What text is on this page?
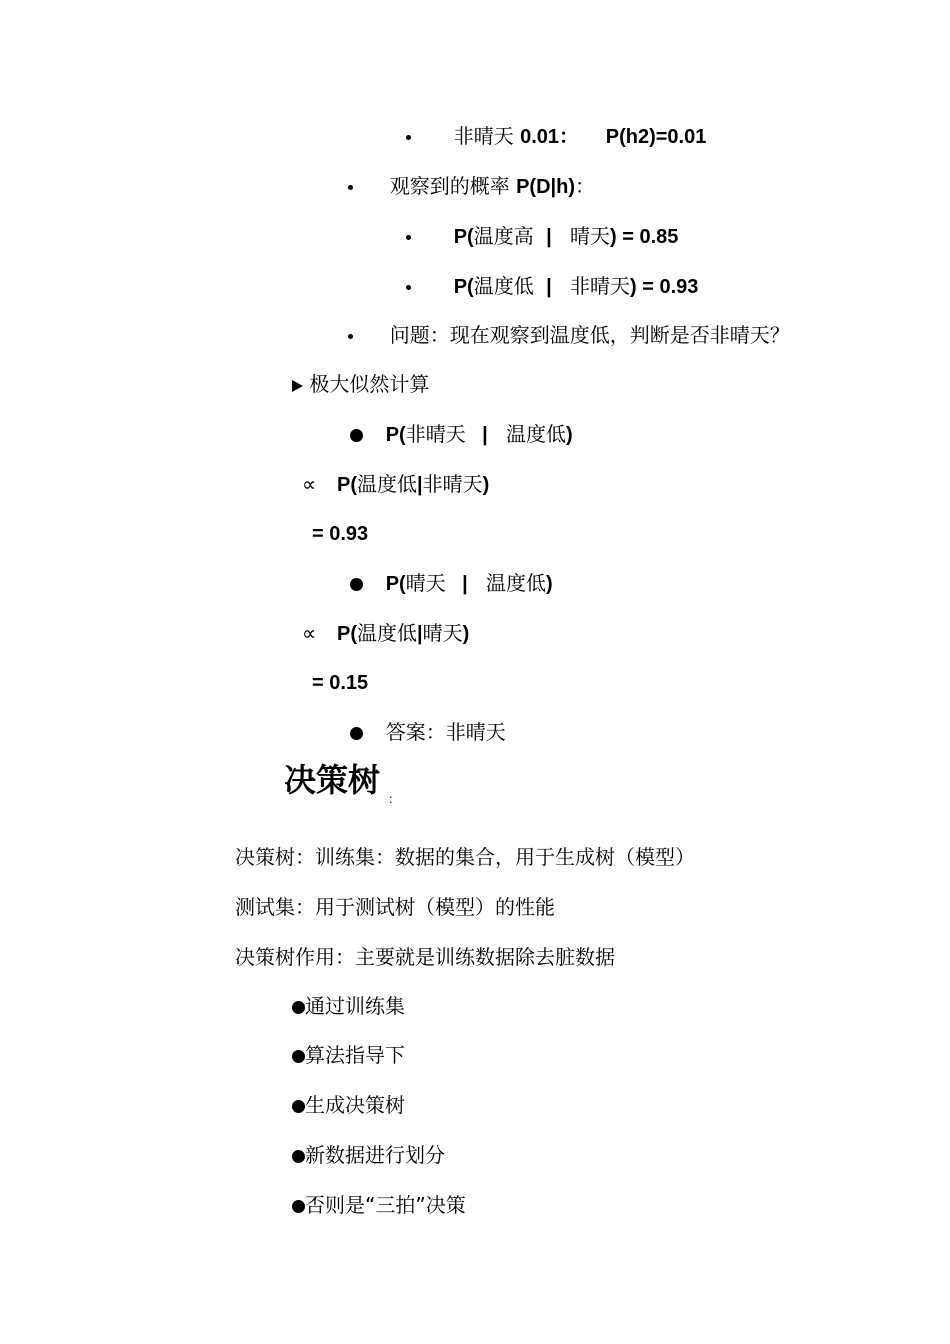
非晴天 0.01： P(h2)=0.01
观察到的概率 P(D|h)：
P(温度高 | 晴天) = 0.85
P(温度低 | 非晴天) = 0.93
问题：现在观察到温度低，判断是否非晴天？
极大似然计算
P(非晴天 | 温度低)
∝ P(温度低|非晴天)
= 0.93
P(晴天 | 温度低)
∝ P(温度低|晴天)
= 0.15
答案：非晴天
决策树 ：
决策树：训练集：数据的集合，用于生成树（模型）
测试集：用于测试树（模型）的性能
决策树作用：主要就是训练数据除去脏数据
通过训练集
算法指导下
生成决策树
新数据进行划分
否则是“三拍”决策
